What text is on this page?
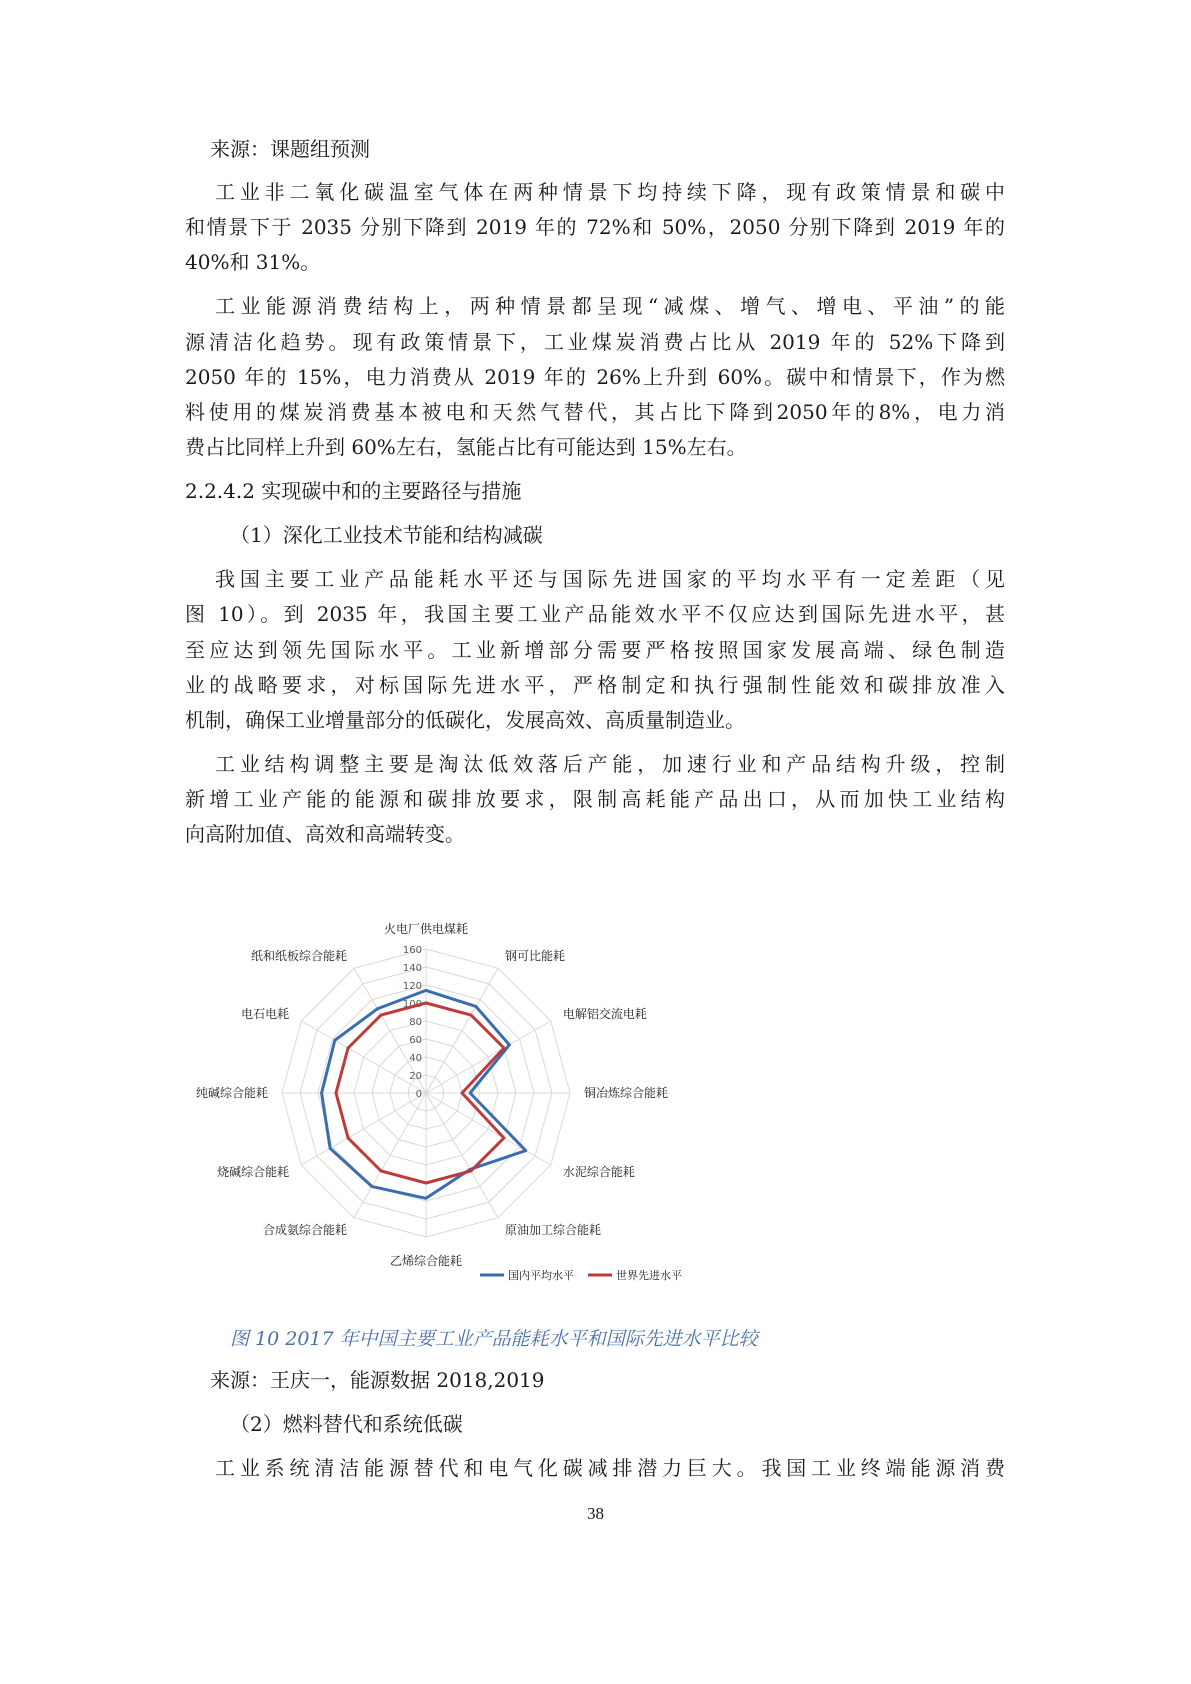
来源：课题组预测
工业非二氧化碳温室气体在两种情景下均持续下降，现有政策情景和碳中
和情景下于 2035 分别下降到 2019 年的 72%和 50%，2050 分别下降到 2019 年的
40%和 31%。
工业能源消费结构上，两种情景都呈现“减煤、增气、增电、平油”的能
源清洁化趋势。现有政策情景下，工业煤炭消费占比从 2019 年的 52%下降到
2050 年的 15%，电力消费从 2019 年的 26%上升到 60%。碳中和情景下，作为燃
料使用的煤炭消费基本被电和天然气替代，其占比下降到2050年的8%，电力消
费占比同样上升到 60%左右，氢能占比有可能达到 15%左右。
2.2.4.2 实现碳中和的主要路径与措施
（1）深化工业技术节能和结构减碳
我国主要工业产品能耗水平还与国际先进国家的平均水平有一定差距（见
图 10）。到 2035 年，我国主要工业产品能效水平不仅应达到国际先进水平，甚
至应达到领先国际水平。工业新增部分需要严格按照国家发展高端、绿色制造
业的战略要求，对标国际先进水平，严格制定和执行强制性能效和碳排放准入
机制，确保工业增量部分的低碳化，发展高效、高质量制造业。
工业结构调整主要是淘汰低效落后产能，加速行业和产品结构升级，控制
新增工业产能的能源和碳排放要求，限制高耗能产品出口，从而加快工业结构
向高附加值、高效和高端转变。
0
20
40
60
80
100
120
140
160
火电厂供电煤耗
钢可比能耗
电解铝交流电耗
铜冶炼综合能耗
水泥综合能耗
原油加工综合能耗
乙烯综合能耗
合成氨综合能耗
烧碱综合能耗
纯碱综合能耗
电石电耗
纸和纸板综合能耗
国内平均水平	世界先进水平
图 10 2017 年中国主要工业产品能耗水平和国际先进水平比较
来源：王庆一，能源数据 2018,2019
（2）燃料替代和系统低碳
工业系统清洁能源替代和电气化碳减排潜力巨大。我国工业终端能源消费
38
